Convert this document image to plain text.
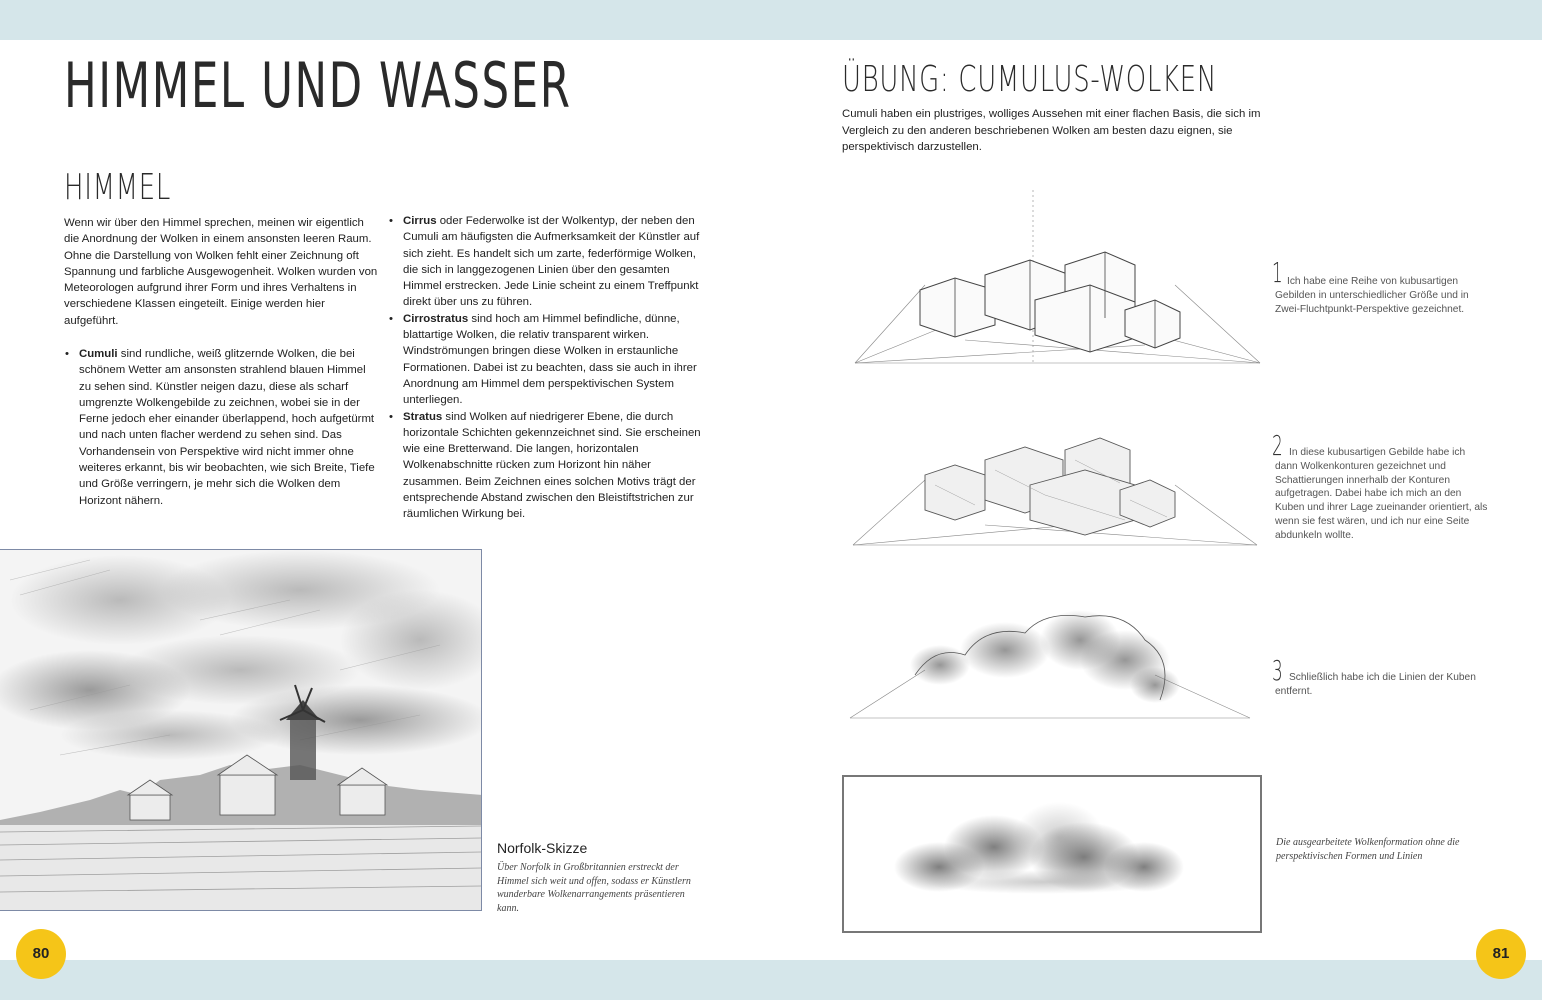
80	81
HIMMEL UND WASSER
HIMMEL
Wenn wir über den Himmel sprechen, meinen wir eigentlich die Anordnung der Wolken in einem ansonsten leeren Raum. Ohne die Darstellung von Wolken fehlt einer Zeichnung oft Spannung und farbliche Ausgewogenheit. Wolken wurden von Meteorologen aufgrund ihrer Form und ihres Verhaltens in verschiedene Klassen eingeteilt. Einige werden hier aufgeführt.
• Cumuli sind rundliche, weiß glitzernde Wolken, die bei schönem Wetter am ansonsten strahlend blauen Himmel zu sehen sind. Künstler neigen dazu, diese als scharf umgrenzte Wolkengebilde zu zeichnen, wobei sie in der Ferne jedoch eher einander überlappend, hoch aufgetürmt und nach unten flacher werdend zu sehen sind. Das Vorhandensein von Perspektive wird nicht immer ohne weiteres erkannt, bis wir beobachten, wie sich Breite, Tiefe und Größe verringern, je mehr sich die Wolken dem Horizont nähern.
• Cirrus oder Federwolke ist der Wolkentyp, der neben den Cumuli am häufigsten die Aufmerksamkeit der Künstler auf sich zieht. Es handelt sich um zarte, federförmige Wolken, die sich in langgezogenen Linien über den gesamten Himmel erstrecken. Jede Linie scheint zu einem Treffpunkt direkt über uns zu führen.
• Cirrostratus sind hoch am Himmel befindliche, dünne, blattartige Wolken, die relativ transparent wirken. Windströmungen bringen diese Wolken in erstaunliche Formationen. Dabei ist zu beachten, dass sie auch in ihrer Anordnung am Himmel dem perspektivischen System unterliegen.
• Stratus sind Wolken auf niedrigerer Ebene, die durch horizontale Schichten gekennzeichnet sind. Sie erscheinen wie eine Bretterwand. Die langen, horizontalen Wolkenabschnitte rücken zum Horizont hin näher zusammen. Beim Zeichnen eines solchen Motivs trägt der entsprechende Abstand zwischen den Bleistiftstrichen zur räumlichen Wirkung bei.
Norfolk-Skizze
Über Norfolk in Großbritannien erstreckt der Himmel sich weit und offen, sodass er Künstlern wunderbare Wolkenarrangements präsentieren kann.
ÜBUNG: CUMULUS-WOLKEN
Cumuli haben ein plustriges, wolliges Aussehen mit einer flachen Basis, die sich im Vergleich zu den anderen beschriebenen Wolken am besten dazu eignen, sie perspektivisch darzustellen.
1 Ich habe eine Reihe von kubusartigen Gebilden in unterschiedlicher Größe und in Zwei-Fluchtpunkt-Perspektive gezeichnet.
2 In diese kubusartigen Gebilde habe ich dann Wolkenkonturen gezeichnet und Schattierungen innerhalb der Konturen aufgetragen. Dabei habe ich mich an den Kuben und ihrer Lage zueinander orientiert, als wenn sie fest wären, und ich nur eine Seite abdunkeln wollte.
3 Schließlich habe ich die Linien der Kuben entfernt.
Die ausgearbeitete Wolkenformation ohne die perspektivischen Formen und Linien
